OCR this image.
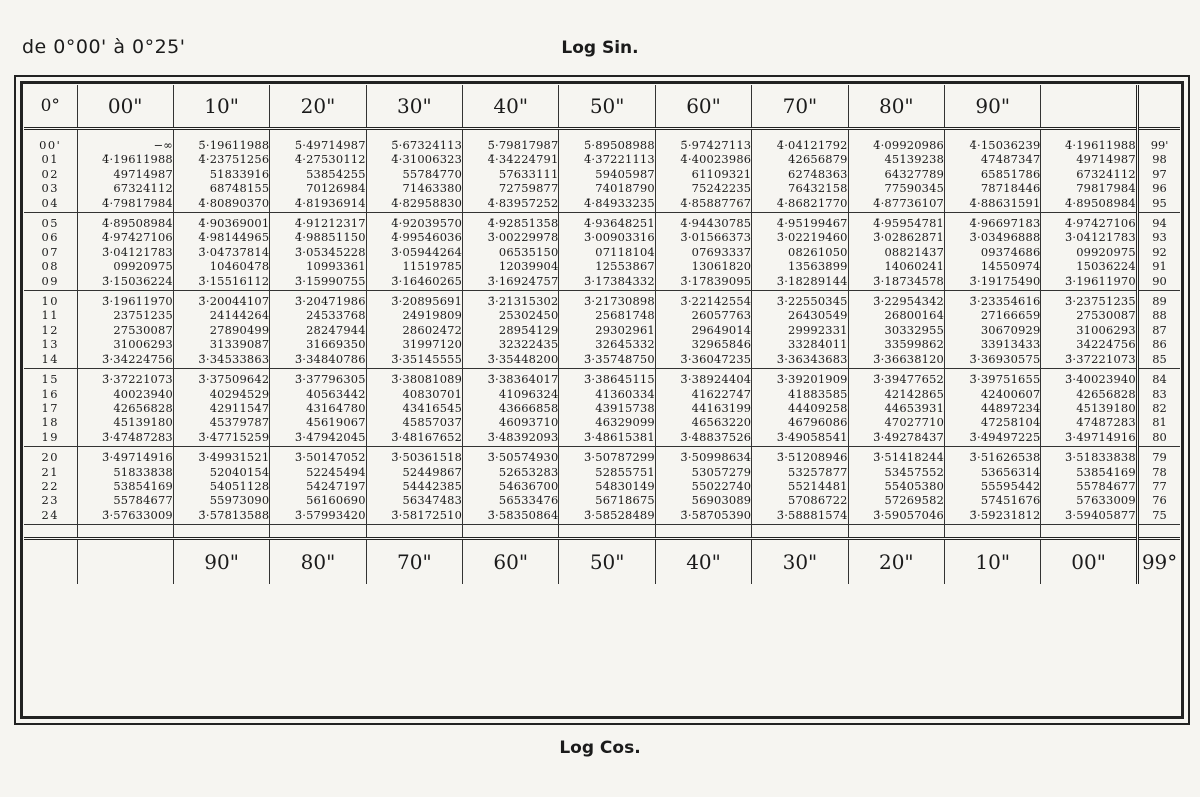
de 0°00' à 0°25'	Log Sin.
0°	00"	10"	20"	30"	40"	50"	60"	70"	80"	90"		

00'	−∞	5̄·19611988	5̄·49714987	5̄·67324113	5̄·79817987	5̄·89508988	5̄·97427113	4̄·04121792	4̄·09920986	4̄·15036239	4̄·19611988	99'
01	4̄·19611988	4̄·23751256	4̄·27530112	4̄·31006323	4̄·34224791	4̄·37221113	4̄·40023986	42656879	45139238	47487347	49714987	98
02	49714987	51833916	53854255	55784770	57633111	59405987	61109321	62748363	64327789	65851786	67324112	97
03	67324112	68748155	70126984	71463380	72759877	74018790	75242235	76432158	77590345	78718446	79817984	96
04	4̄·79817984	4̄·80890370	4̄·81936914	4̄·82958830	4̄·83957252	4̄·84933235	4̄·85887767	4̄·86821770	4̄·87736107	4̄·88631591	4̄·89508984	95
05	4̄·89508984	4̄·90369001	4̄·91212317	4̄·92039570	4̄·92851358	4̄·93648251	4̄·94430785	4̄·95199467	4̄·95954781	4̄·96697183	4̄·97427106	94
06	4̄·97427106	4̄·98144965	4̄·98851150	4̄·99546036	3̄·00229978	3̄·00903316	3̄·01566373	3̄·02219460	3̄·02862871	3̄·03496888	3̄·04121783	93
07	3̄·04121783	3̄·04737814	3̄·05345228	3̄·05944264	06535150	07118104	07693337	08261050	08821437	09374686	09920975	92
08	09920975	10460478	10993361	11519785	12039904	12553867	13061820	13563899	14060241	14550974	15036224	91
09	3̄·15036224	3̄·15516112	3̄·15990755	3̄·16460265	3̄·16924757	3̄·17384332	3̄·17839095	3̄·18289144	3̄·18734578	3̄·19175490	3̄·19611970	90
10	3̄·19611970	3̄·20044107	3̄·20471986	3̄·20895691	3̄·21315302	3̄·21730898	3̄·22142554	3̄·22550345	3̄·22954342	3̄·23354616	3̄·23751235	89
11	23751235	24144264	24533768	24919809	25302450	25681748	26057763	26430549	26800164	27166659	27530087	88
12	27530087	27890499	28247944	28602472	28954129	29302961	29649014	29992331	30332955	30670929	31006293	87
13	31006293	31339087	31669350	31997120	32322435	32645332	32965846	33284011	33599862	33913433	34224756	86
14	3̄·34224756	3̄·34533863	3̄·34840786	3̄·35145555	3̄·35448200	3̄·35748750	3̄·36047235	3̄·36343683	3̄·36638120	3̄·36930575	3̄·37221073	85
15	3̄·37221073	3̄·37509642	3̄·37796305	3̄·38081089	3̄·38364017	3̄·38645115	3̄·38924404	3̄·39201909	3̄·39477652	3̄·39751655	3̄·40023940	84
16	40023940	40294529	40563442	40830701	41096324	41360334	41622747	41883585	42142865	42400607	42656828	83
17	42656828	42911547	43164780	43416545	43666858	43915738	44163199	44409258	44653931	44897234	45139180	82
18	45139180	45379787	45619067	45857037	46093710	46329099	46563220	46796086	47027710	47258104	47487283	81
19	3̄·47487283	3̄·47715259	3̄·47942045	3̄·48167652	3̄·48392093	3̄·48615381	3̄·48837526	3̄·49058541	3̄·49278437	3̄·49497225	3̄·49714916	80
20	3̄·49714916	3̄·49931521	3̄·50147052	3̄·50361518	3̄·50574930	3̄·50787299	3̄·50998634	3̄·51208946	3̄·51418244	3̄·51626538	3̄·51833838	79
21	51833838	52040154	52245494	52449867	52653283	52855751	53057279	53257877	53457552	53656314	53854169	78
22	53854169	54051128	54247197	54442385	54636700	54830149	55022740	55214481	55405380	55595442	55784677	77
23	55784677	55973090	56160690	56347483	56533476	56718675	56903089	57086722	57269582	57451676	57633009	76
24	3̄·57633009	3̄·57813588	3̄·57993420	3̄·58172510	3̄·58350864	3̄·58528489	3̄·58705390	3̄·58881574	3̄·59057046	3̄·59231812	3̄·59405877	75

		90"	80"	70"	60"	50"	40"	30"	20"	10"	00"	99°
Log Cos.
